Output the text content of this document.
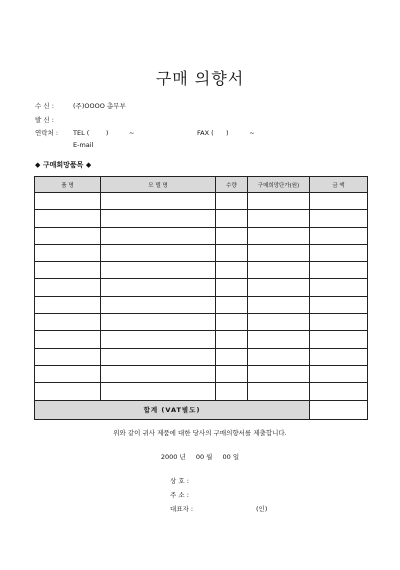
구매 의향서
수 신 :	(주)OOOO 총무부
발 신 :
연락처 : TEL (        )          ~	FAX (      )          ~
E-mail
◆ 구매희망품목 ◆
품 명	모 델 명	수량	구매희망단가(원)	금 액

합계 (VAT별도)				
위와 같이 귀사 제품에 대한 당사의 구매의향서를 제출합니다.
2000 년 00 월 00 일
상 호 :
주 소 :
대표자 :	(인)
